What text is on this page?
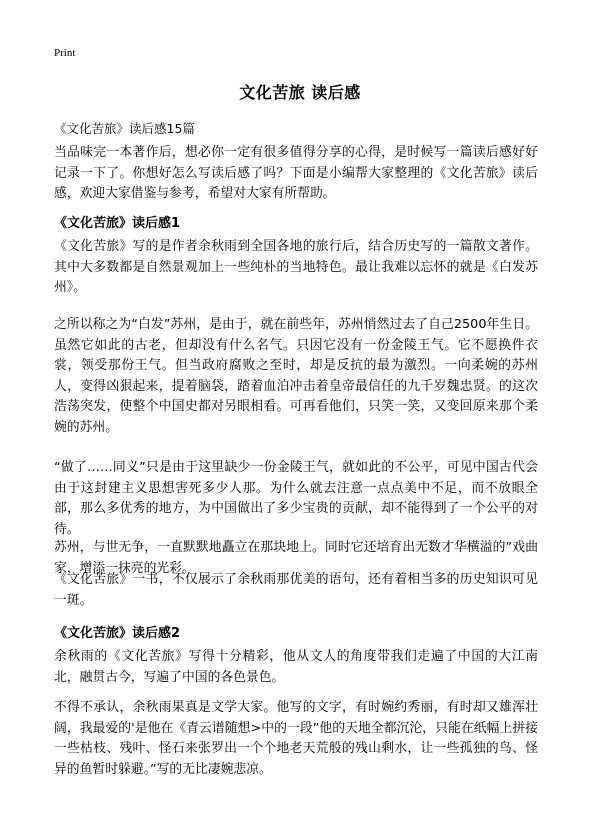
Print
文化苦旅 读后感
《文化苦旅》读后感15篇

当品味完一本著作后，想必你一定有很多值得分享的心得，是时候写一篇读后感好好记录一下了。你想好怎么写读后感了吗？下面是小编帮大家整理的《文化苦旅》读后感，欢迎大家借鉴与参考，希望对大家有所帮助。

《文化苦旅》读后感1

《文化苦旅》写的是作者余秋雨到全国各地的旅行后，结合历史写的一篇散文著作。其中大多数都是自然景观加上一些纯朴的当地特色。最让我难以忘怀的就是《白发苏州》。

之所以称之为“白发”苏州，是由于，就在前些年，苏州悄然过去了自己2500年生日。虽然它如此的古老，但却没有什么名气。只因它没有一份金陵王气。它不愿换件衣裳，领受那份王气。但当政府腐败之至时，却是反抗的最为激烈。一向柔婉的苏州人，变得凶狠起来，提着脑袋，踏着血泊冲击着皇帝最信任的九千岁魏忠贤。的这次浩荡突发，使整个中国史都对另眼相看。可再看他们，只笑一笑，又变回原来那个柔婉的苏州。

“做了……同义”只是由于这里缺少一份金陵王气，就如此的不公平，可见中国古代会由于这封建主义思想害死多少人那。为什么就去注意一点点美中不足，而不放眼全部，那么多优秀的地方，为中国做出了多少宝贵的贡献，却不能得到了一个公平的对待。

苏州，与世无争，一直默默地矗立在那块地上。同时它还培育出无数才华横溢的”戏曲家，增添一抹亮的光彩。

《文化苦旅》一书，不仅展示了余秋雨那优美的语句，还有着相当多的历史知识可见一斑。

《文化苦旅》读后感2

余秋雨的《文化苦旅》写得十分精彩，他从文人的角度带我们走遍了中国的大江南北，融贯古今，写遍了中国的各色景色。

不得不承认，余秋雨果真是文学大家。他写的文字，有时婉约秀丽，有时却又雄浑壮阔，我最爱的'是他在《青云谱随想>中的一段”他的天地全都沉沦，只能在纸幅上拼接一些枯枝、残叶、怪石来张罗出一个个地老天荒般的残山剩水，让一些孤独的鸟、怪异的鱼暂时躲避。”写的无比凄婉悲凉。
